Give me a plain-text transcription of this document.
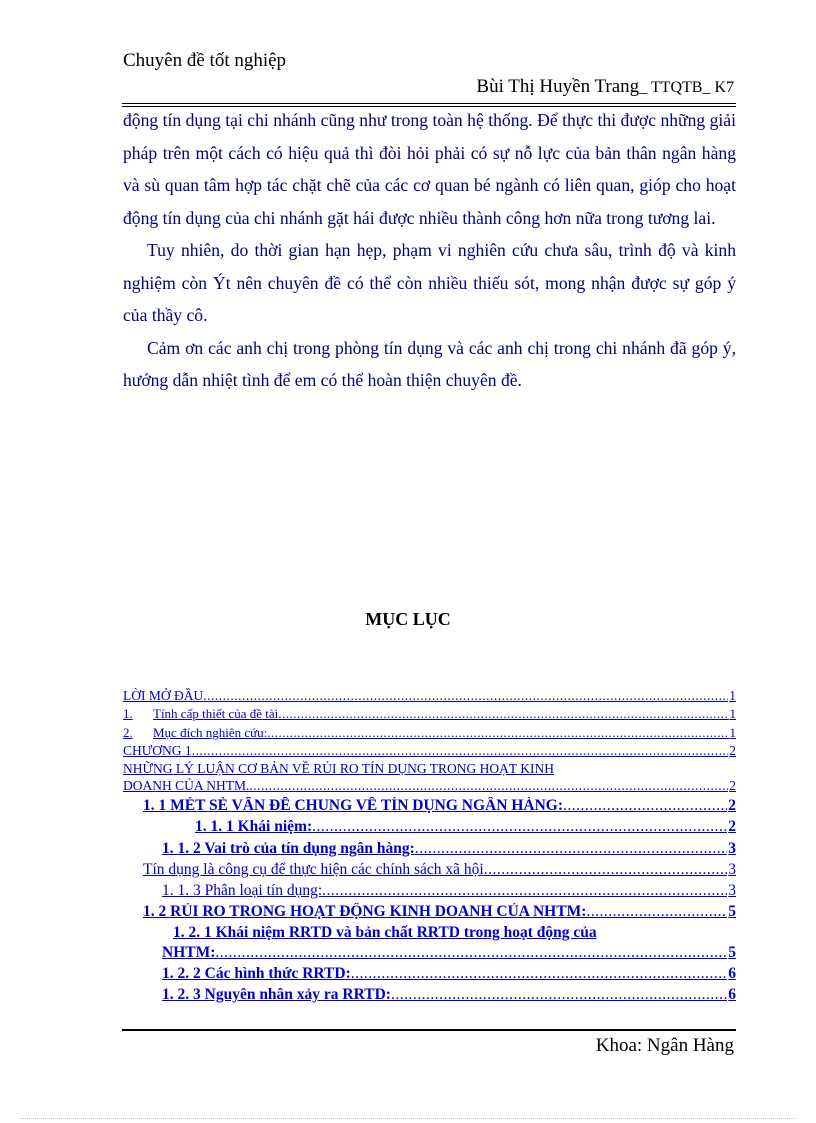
Chuyên đề tốt nghiệp
Bùi Thị Huyền Trang_ TTQTB_ K7

động tín dụng tại chi nhánh cũng như trong toàn hệ thống. Để thực thi được những giải pháp trên một cách có hiệu quả thì đòi hỏi phải có sự nỗ lực của bản thân ngân hàng và sù quan tâm hợp tác chặt chẽ của các cơ quan bé ngành có liên quan, gióp cho hoạt động tín dụng của chi nhánh gặt hái được nhiều thành công hơn nữa trong tương lai.

Tuy nhiên, do thời gian hạn hẹp, phạm vi nghiên cứu chưa sâu, trình độ và kinh nghiệm còn Ýt nên chuyên đề có thể còn nhiều thiếu sót, mong nhận được sự góp ý của thầy cô.

Cảm ơn các anh chị trong phòng tín dụng và các anh chị trong chi nhánh đã góp ý, hướng dẫn nhiệt tình để em có thể hoàn thiện chuyên đề.

MỤC LỤC
LỜI MỞ ĐẦU .....	1
1. Tính cấp thiết của đề tài .....	1
2. Mục đích nghiên cứu: .....	1
CHƯƠNG 1 .....	2
NHỮNG LÝ LUẬN CƠ BẢN VỀ RỦI RO TÍN DỤNG TRONG HOẠT KINH
DOANH CỦA NHTM. .....	2
1. 1 MÉT SÈ VẤN ĐỀ CHUNG VỀ TÍN DỤNG NGÂN HÀNG: .....	2
1. 1. 1 Khái niệm: .....	2
1. 1. 2 Vai trò của tín dụng ngân hàng: .....	3
Tín dụng là công cụ để thực hiện các chính sách xã hội .....	3
1. 1. 3 Phân loại tín dụng: .....	3
1. 2 RỦI RO TRONG HOẠT ĐỘNG KINH DOANH CỦA NHTM: .....	5
1. 2. 1 Khái niệm RRTD và bản chất RRTD trong hoạt động của
NHTM: .....	5
1. 2. 2 Các hình thức RRTD: .....	6
1. 2. 3 Nguyên nhân xảy ra RRTD: .....	6
Khoa: Ngân Hàng
